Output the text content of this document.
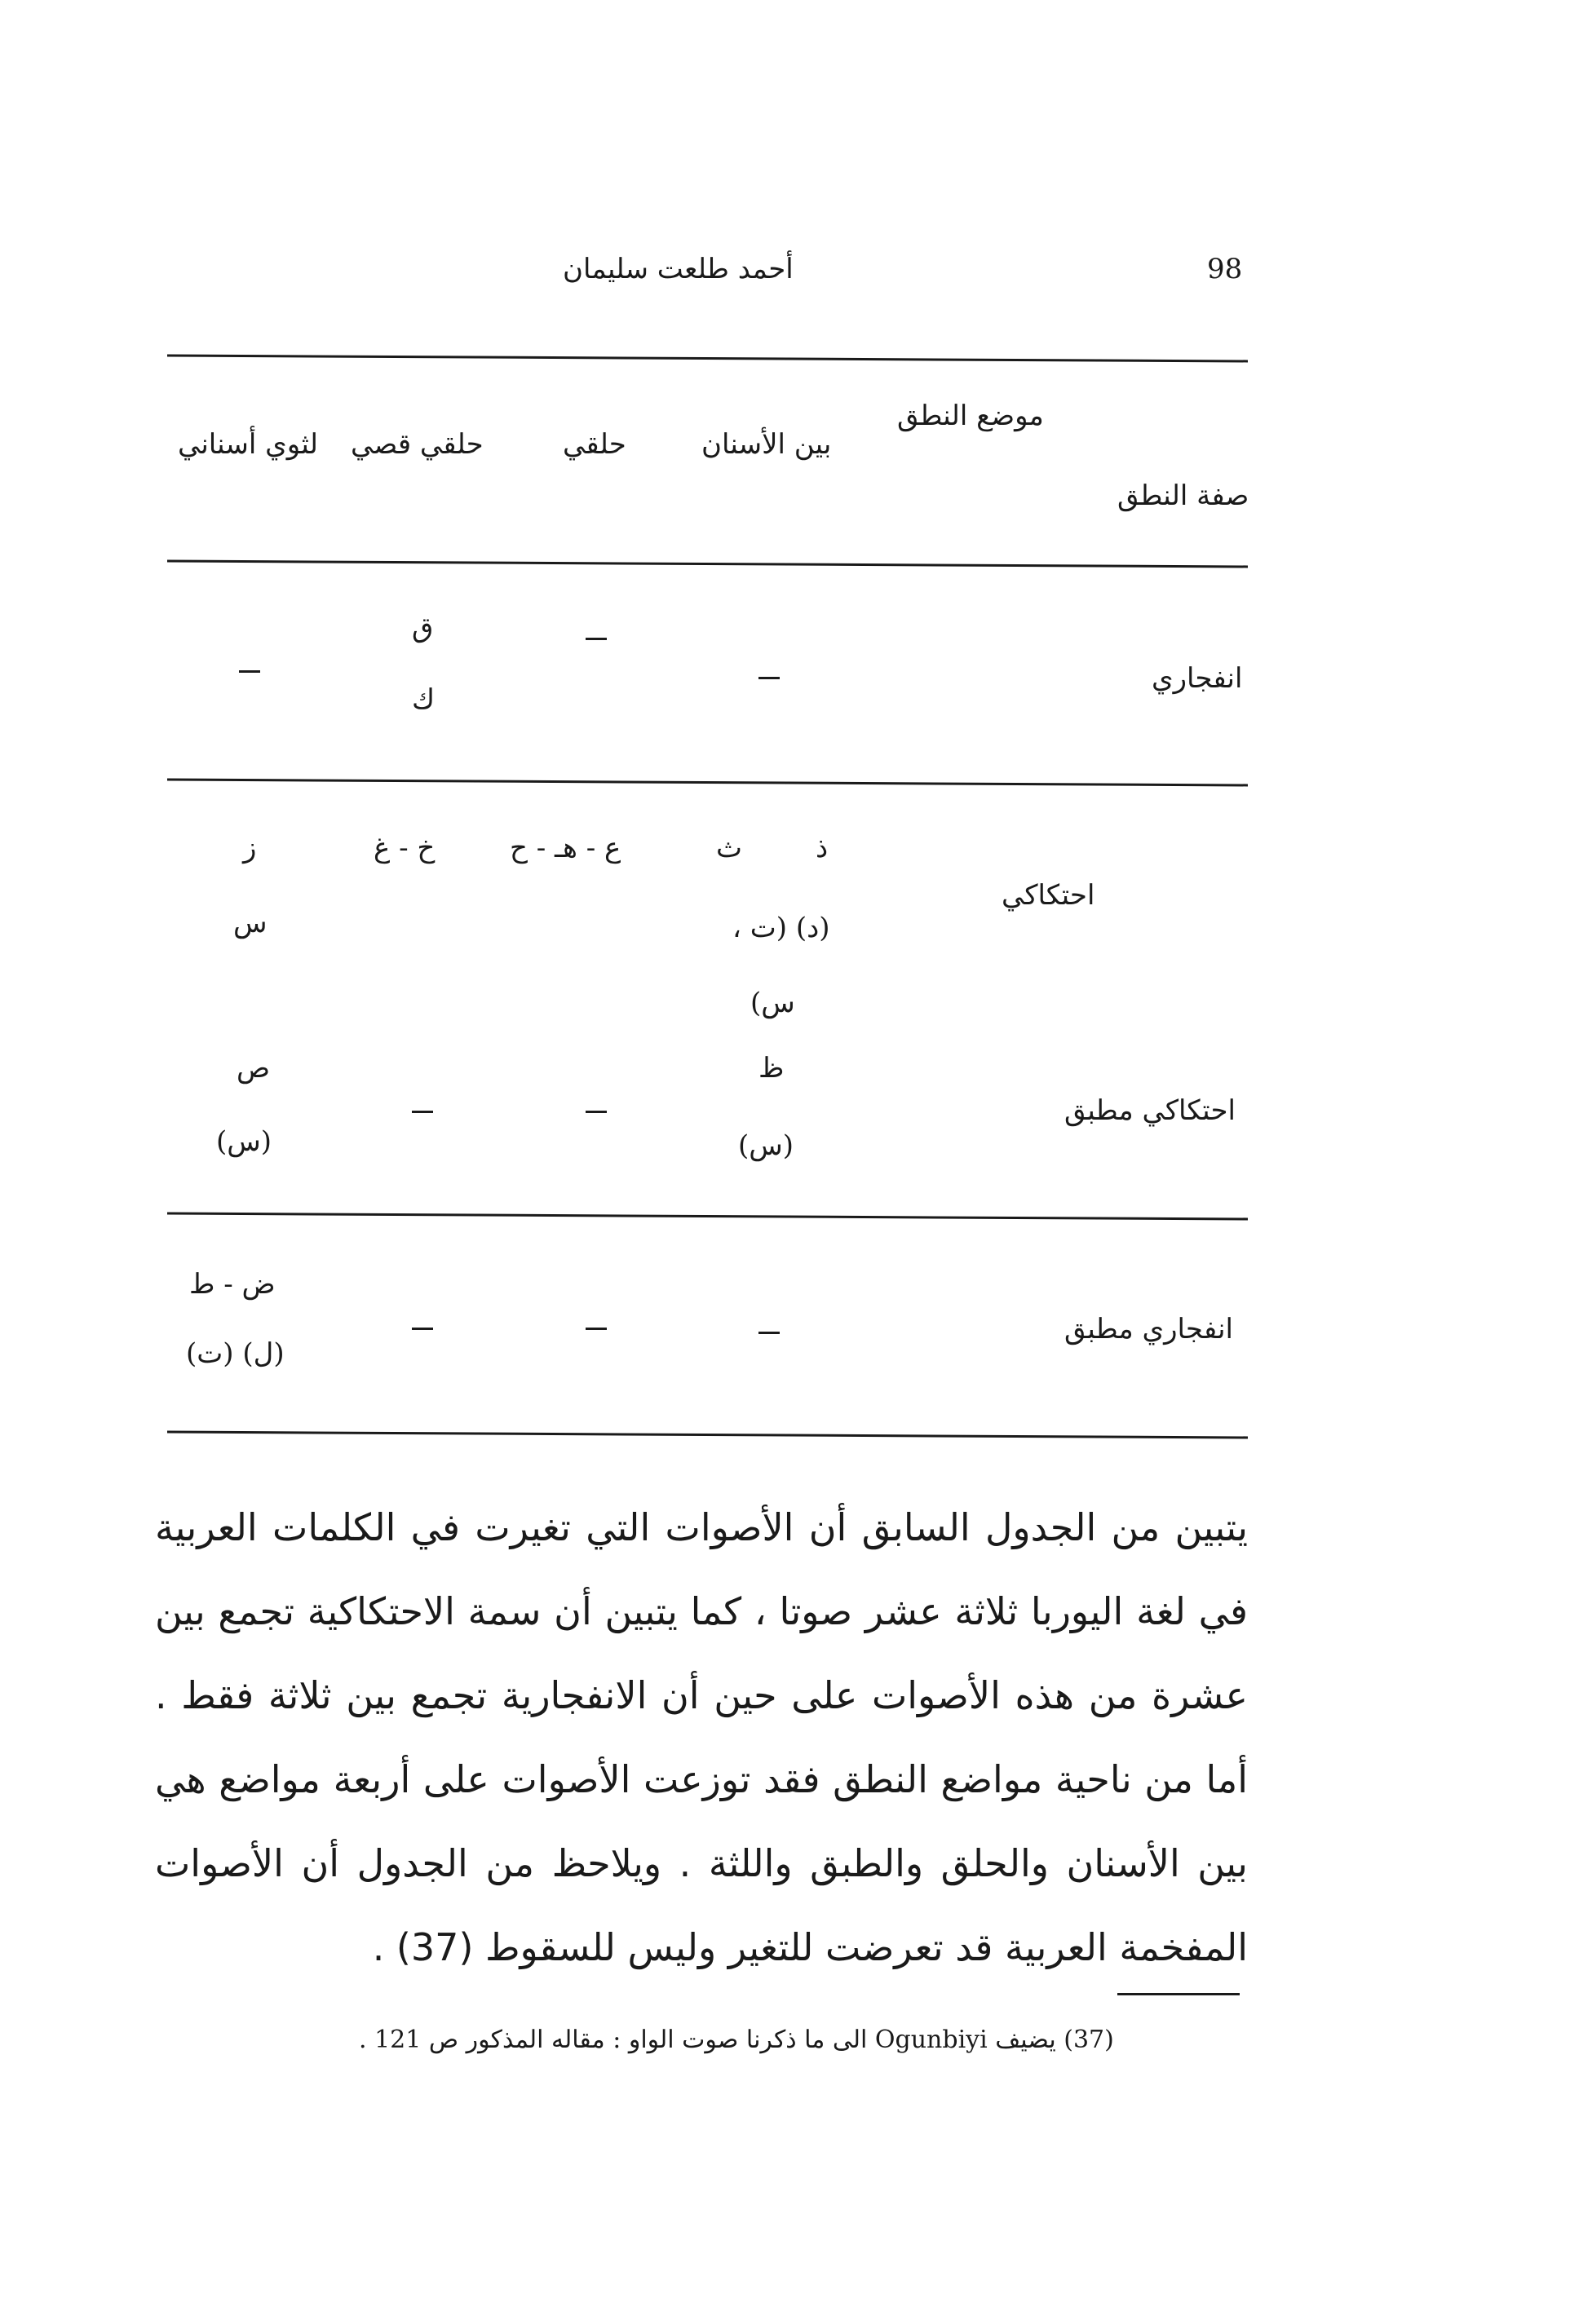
98
أحمد طلعت سليمان
موضع النطق
صفة النطق
بين الأسنان
حلقي
حلقي قصي
لثوي أسناني
انفجاري
ق
ك
احتكاكي
ذ
ث
(د) (ت ،
س)
ع - هـ - ح
خ - غ
ز
س
احتكاكي مطبق
ظ
(س)
ص
(س)
انفجاري مطبق
ض - ط
(ل) (ت)

يتبين من الجدول السابق أن الأصوات التي تغيرت في الكلمات العربية في لغة اليوربا ثلاثة عشر صوتا ، كما يتبين أن سمة الاحتكاكية تجمع بين عشرة من هذه الأصوات على حين أن الانفجارية تجمع بين ثلاثة فقط . أما من ناحية مواضع النطق فقد توزعت الأصوات على أربعة مواضع هي بين الأسنان والحلق والطبق واللثة . ويلاحظ من الجدول أن الأصوات المفخمة العربية قد تعرضت للتغير وليس للسقوط (37) .

(37) يضيف Ogunbiyi الى ما ذكرنا صوت الواو : مقاله المذكور ص 121 .
